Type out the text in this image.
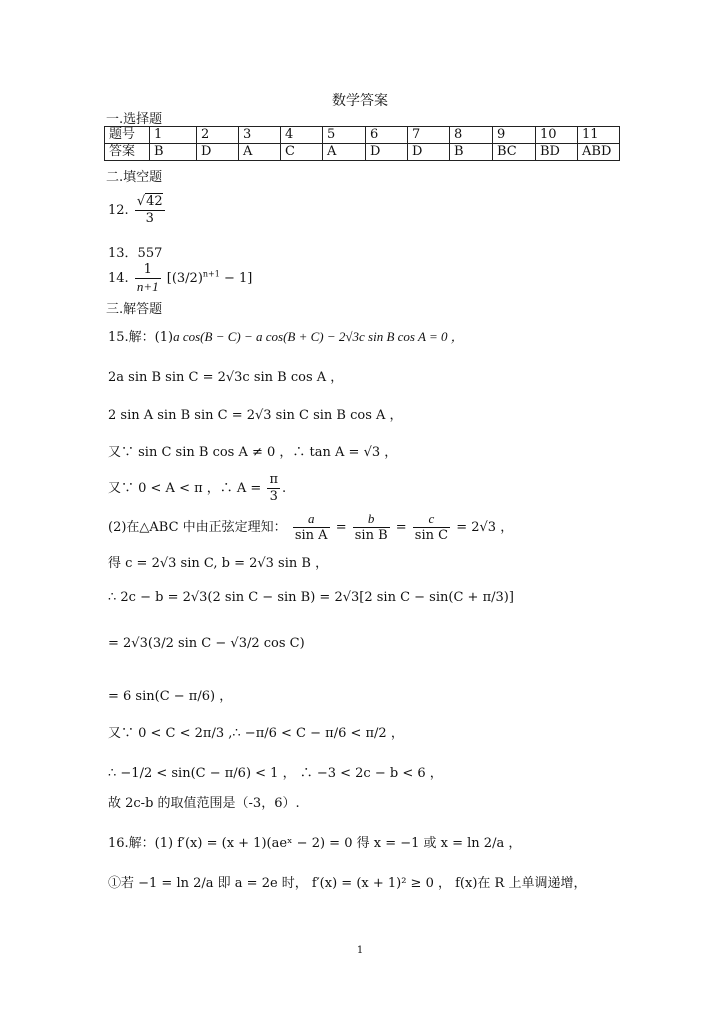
数学答案
一.选择题
题号	1	2	3	4	5	6	7	8	9	10	11
答案	B	D	A	C	A	D	D	B	BC	BD	ABD
二.填空题
12. $\frac{√42}{3}$
13．557
14. $\frac{1}{n+1} [(3/2)^{n+1} - 1]$
三.解答题
15.解：(1)a cos(B − C) − a cos(B + C) − 2√3c sin B cos A = 0 ，
2a sin B sin C = 2√3c sin B cos A ，
2 sin A sin B sin C = 2√3 sin C sin B cos A ，
又∵ sin C sin B cos A ≠ 0 ，∴ tan A = √3 ，
又∵ 0 < A < π ，∴ $A = \frac{\pi}{3}$ .
(2)在△ABC 中由正弦定理知： $\frac{a}{\text{sin A}} = \frac{b}{\text{sin B}} = \frac{c}{\text{sin C}} = 2√3$ ，
得 c = 2√3 sin C, b = 2√3 sin B ，
∴ 2c − b = 2√3(2 sin C − sin B) = 2√3[2 sin C − sin(C + π/3)]
= 2√3(3/2 sin C − √3/2 cos C)
= 6 sin(C − π/6) ，
又∵ 0 < C < 2π/3 ,∴ −π/6 < C − π/6 < π/2 ，
∴ −1/2 < sin(C − π/6) < 1 ， ∴ −3 < 2c − b < 6 ，
故 2c-b 的取值范围是（-3，6）.
16.解：(1) f′(x) = (x + 1)(aeˣ − 2) = 0 得 x = −1 或 x = ln 2/a ，
①若 −1 = ln 2/a 即 a = 2e 时， f′(x) = (x + 1)² ≥ 0 ， f(x)在 R 上单调递增，
1
